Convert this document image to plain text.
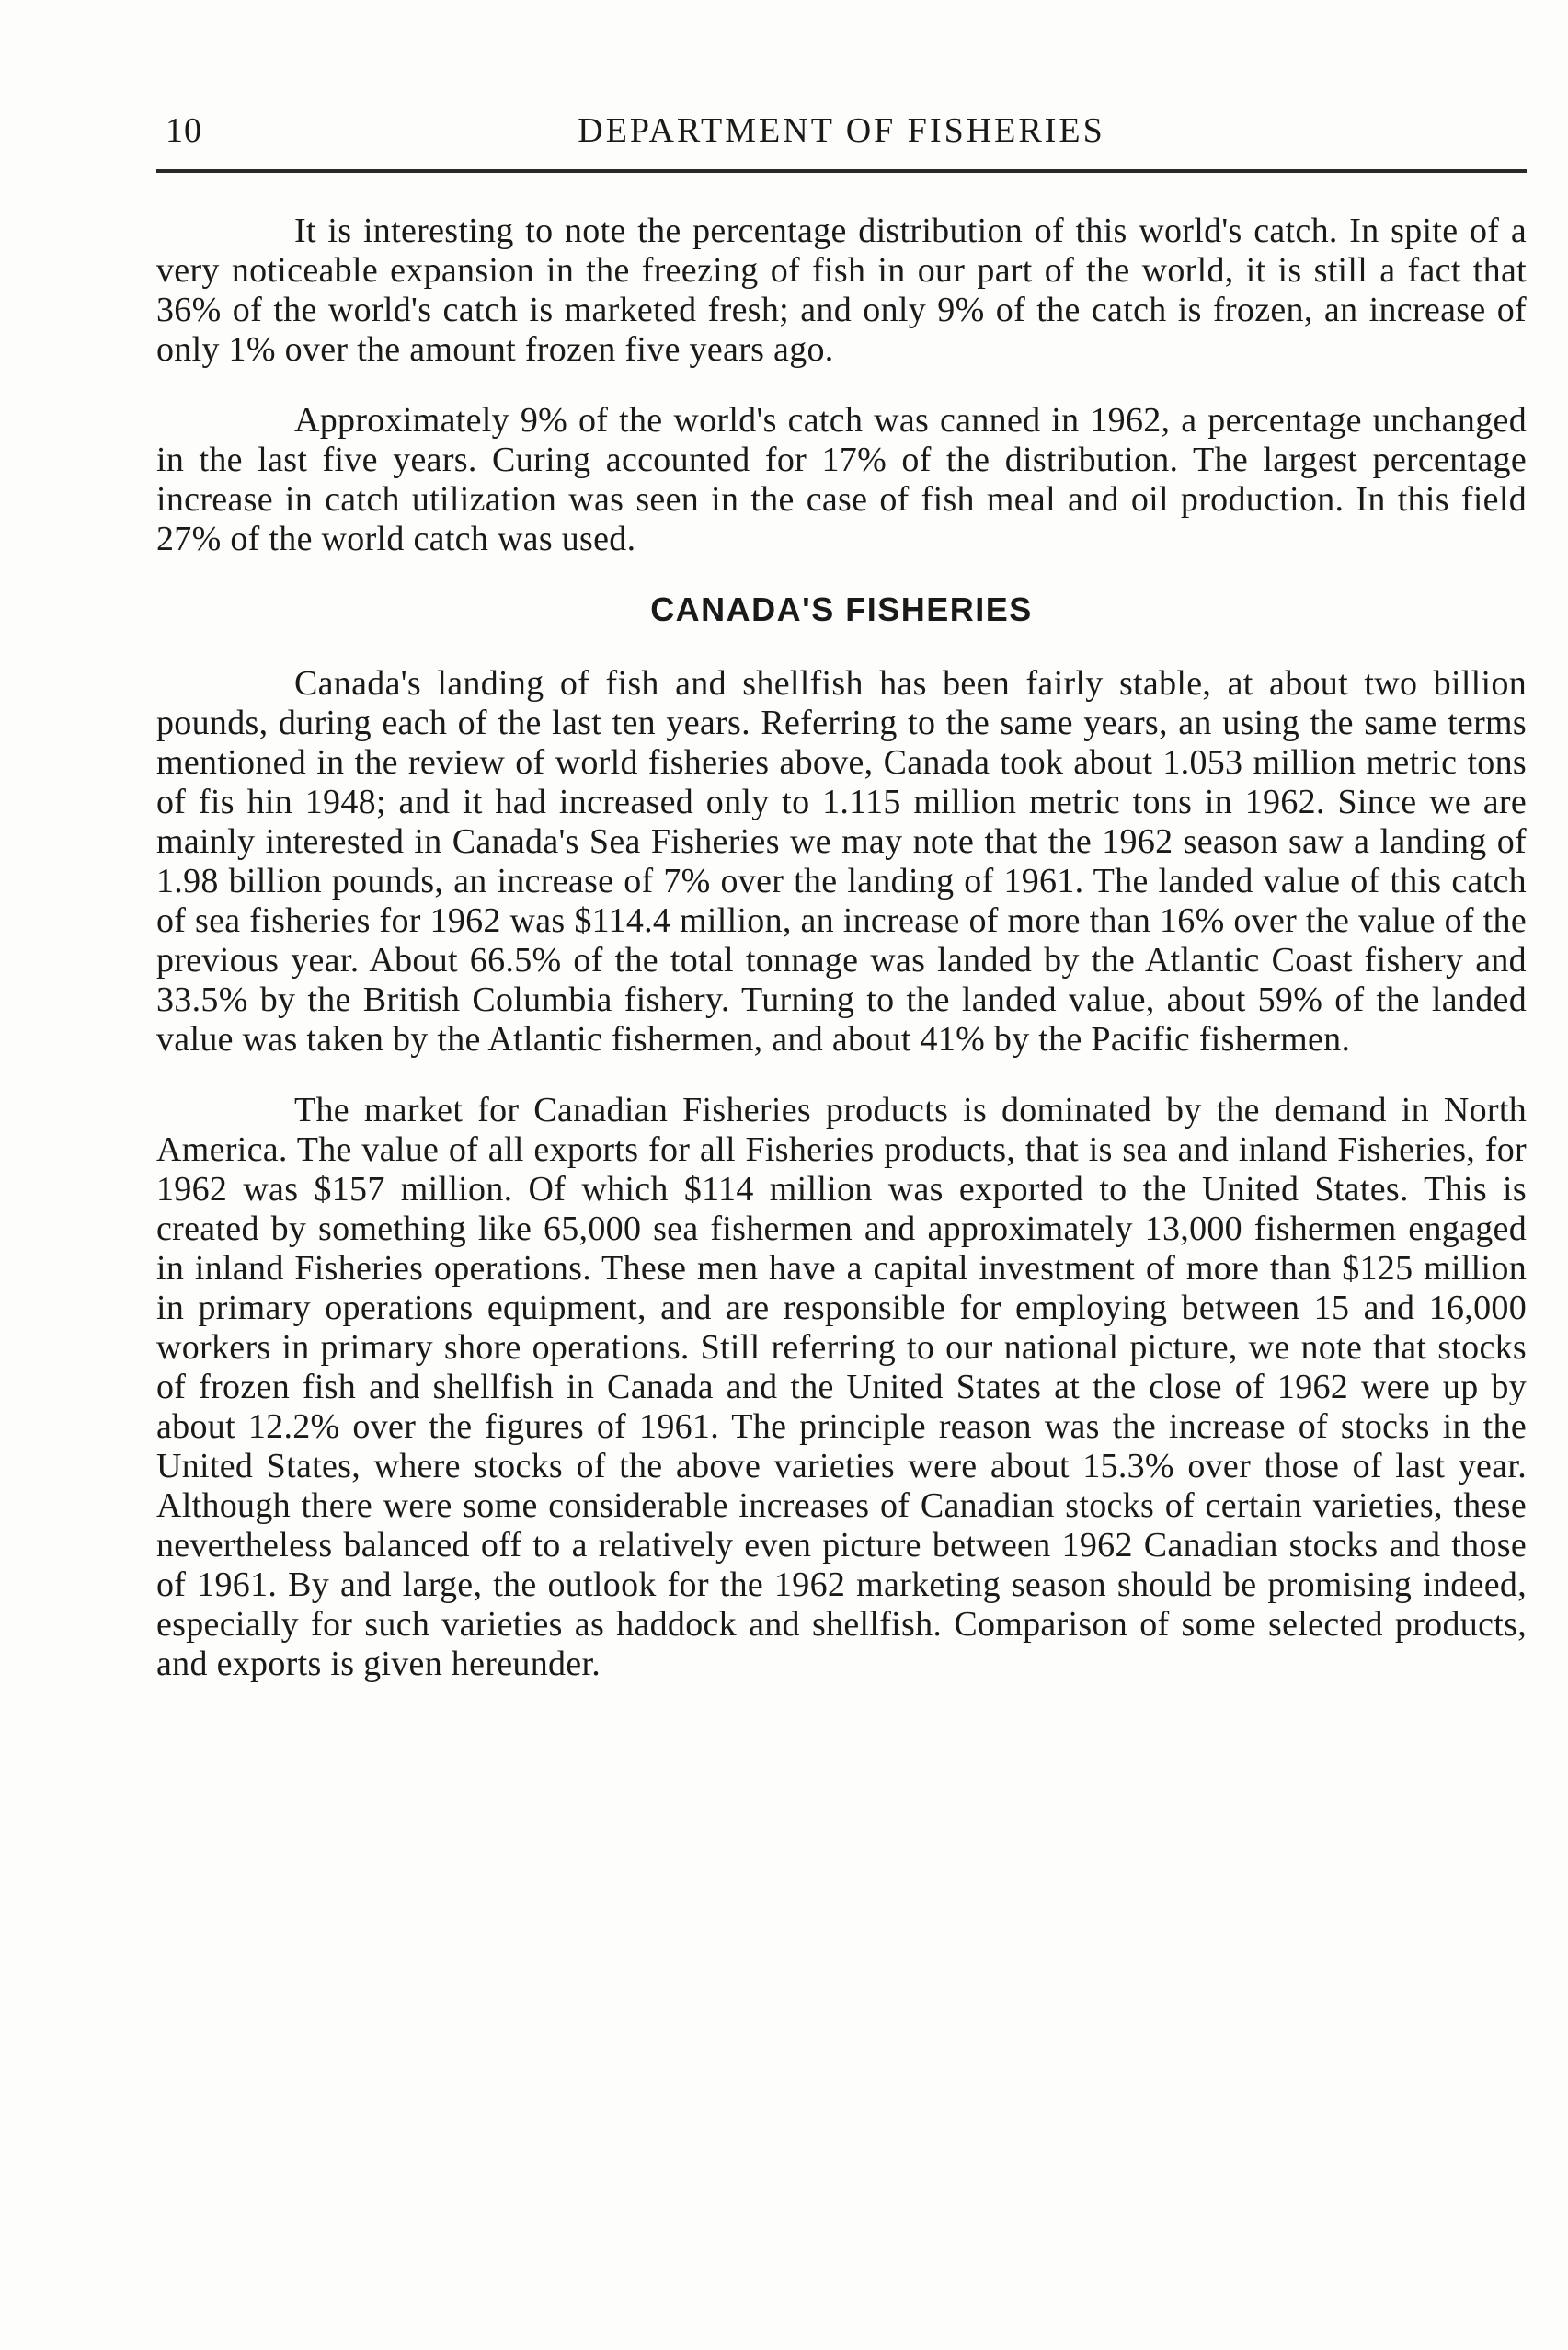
10	DEPARTMENT OF FISHERIES

It is interesting to note the percentage distribution of this world's catch. In spite of a very noticeable expansion in the freezing of fish in our part of the world, it is still a fact that 36% of the world's catch is marketed fresh; and only 9% of the catch is frozen, an increase of only 1% over the amount frozen five years ago.

Approximately 9% of the world's catch was canned in 1962, a percentage unchanged in the last five years. Curing accounted for 17% of the distribution. The largest percentage increase in catch utilization was seen in the case of fish meal and oil production. In this field 27% of the world catch was used.

CANADA'S FISHERIES

Canada's landing of fish and shellfish has been fairly stable, at about two billion pounds, during each of the last ten years. Referring to the same years, an using the same terms mentioned in the review of world fisheries above, Canada took about 1.053 million metric tons of fis hin 1948; and it had increased only to 1.115 million metric tons in 1962. Since we are mainly interested in Canada's Sea Fisheries we may note that the 1962 season saw a landing of 1.98 billion pounds, an increase of 7% over the landing of 1961. The landed value of this catch of sea fisheries for 1962 was $114.4 million, an increase of more than 16% over the value of the previous year. About 66.5% of the total tonnage was landed by the Atlantic Coast fishery and 33.5% by the British Columbia fishery. Turning to the landed value, about 59% of the landed value was taken by the Atlantic fishermen, and about 41% by the Pacific fishermen.

The market for Canadian Fisheries products is dominated by the demand in North America. The value of all exports for all Fisheries products, that is sea and inland Fisheries, for 1962 was $157 million. Of which $114 million was exported to the United States. This is created by something like 65,000 sea fishermen and approximately 13,000 fishermen engaged in inland Fisheries operations. These men have a capital investment of more than $125 million in primary operations equipment, and are responsible for employing between 15 and 16,000 workers in primary shore operations. Still referring to our national picture, we note that stocks of frozen fish and shellfish in Canada and the United States at the close of 1962 were up by about 12.2% over the figures of 1961. The principle reason was the increase of stocks in the United States, where stocks of the above varieties were about 15.3% over those of last year. Although there were some considerable increases of Canadian stocks of certain varieties, these nevertheless balanced off to a relatively even picture between 1962 Canadian stocks and those of 1961. By and large, the outlook for the 1962 marketing season should be promising indeed, especially for such varieties as haddock and shellfish. Comparison of some selected products, and exports is given hereunder.
